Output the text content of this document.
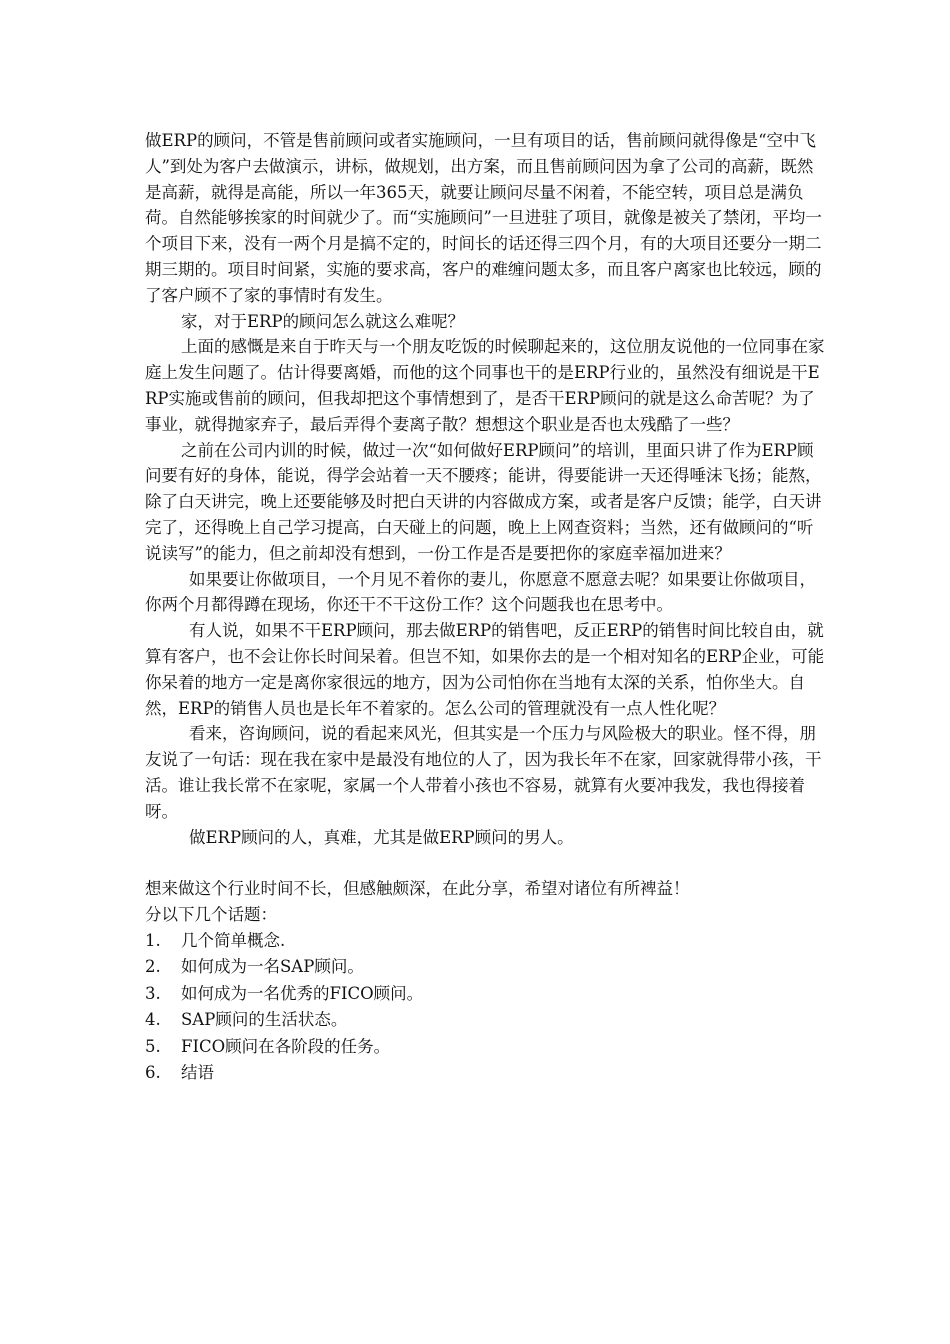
做ERP的顾问，不管是售前顾问或者实施顾问，一旦有项目的话，售前顾问就得像是“空中飞人”到处为客户去做演示，讲标，做规划，出方案，而且售前顾问因为拿了公司的高薪，既然是高薪，就得是高能，所以一年365天，就要让顾问尽量不闲着，不能空转，项目总是满负荷。自然能够挨家的时间就少了。而“实施顾问”一旦进驻了项目，就像是被关了禁闭，平均一个项目下来，没有一两个月是搞不定的，时间长的话还得三四个月，有的大项目还要分一期二期三期的。项目时间紧，实施的要求高，客户的难缠问题太多，而且客户离家也比较远，顾的了客户顾不了家的事情时有发生。

家，对于ERP的顾问怎么就这么难呢？

上面的感慨是来自于昨天与一个朋友吃饭的时候聊起来的，这位朋友说他的一位同事在家庭上发生问题了。估计得要离婚，而他的这个同事也干的是ERP行业的，虽然没有细说是干ERP实施或售前的顾问，但我却把这个事情想到了，是否干ERP顾问的就是这么命苦呢？为了事业，就得抛家弃子，最后弄得个妻离子散？想想这个职业是否也太残酷了一些？

之前在公司内训的时候，做过一次“如何做好ERP顾问”的培训，里面只讲了作为ERP顾问要有好的身体，能说，得学会站着一天不腰疼；能讲，得要能讲一天还得唾沫飞扬；能熬，除了白天讲完，晚上还要能够及时把白天讲的内容做成方案，或者是客户反馈；能学，白天讲完了，还得晚上自己学习提高，白天碰上的问题，晚上上网查资料；当然，还有做顾问的“听说读写”的能力，但之前却没有想到，一份工作是否是要把你的家庭幸福加进来？

如果要让你做项目，一个月见不着你的妻儿，你愿意不愿意去呢？如果要让你做项目，你两个月都得蹲在现场，你还干不干这份工作？这个问题我也在思考中。

有人说，如果不干ERP顾问，那去做ERP的销售吧，反正ERP的销售时间比较自由，就算有客户，也不会让你长时间呆着。但岂不知，如果你去的是一个相对知名的ERP企业，可能你呆着的地方一定是离你家很远的地方，因为公司怕你在当地有太深的关系，怕你坐大。自然，ERP的销售人员也是长年不着家的。怎么公司的管理就没有一点人性化呢？

看来，咨询顾问，说的看起来风光，但其实是一个压力与风险极大的职业。怪不得，朋友说了一句话：现在我在家中是最没有地位的人了，因为我长年不在家，回家就得带小孩，干活。谁让我长常不在家呢，家属一个人带着小孩也不容易，就算有火要冲我发，我也得接着呀。

做ERP顾问的人，真难，尤其是做ERP顾问的男人。

想来做这个行业时间不长，但感触颇深，在此分享，希望对诸位有所裨益！

分以下几个话题：

1. 几个简单概念.
2. 如何成为一名SAP顾问。
3. 如何成为一名优秀的FICO顾问。
4. SAP顾问的生活状态。
5. FICO顾问在各阶段的任务。
6. 结语
